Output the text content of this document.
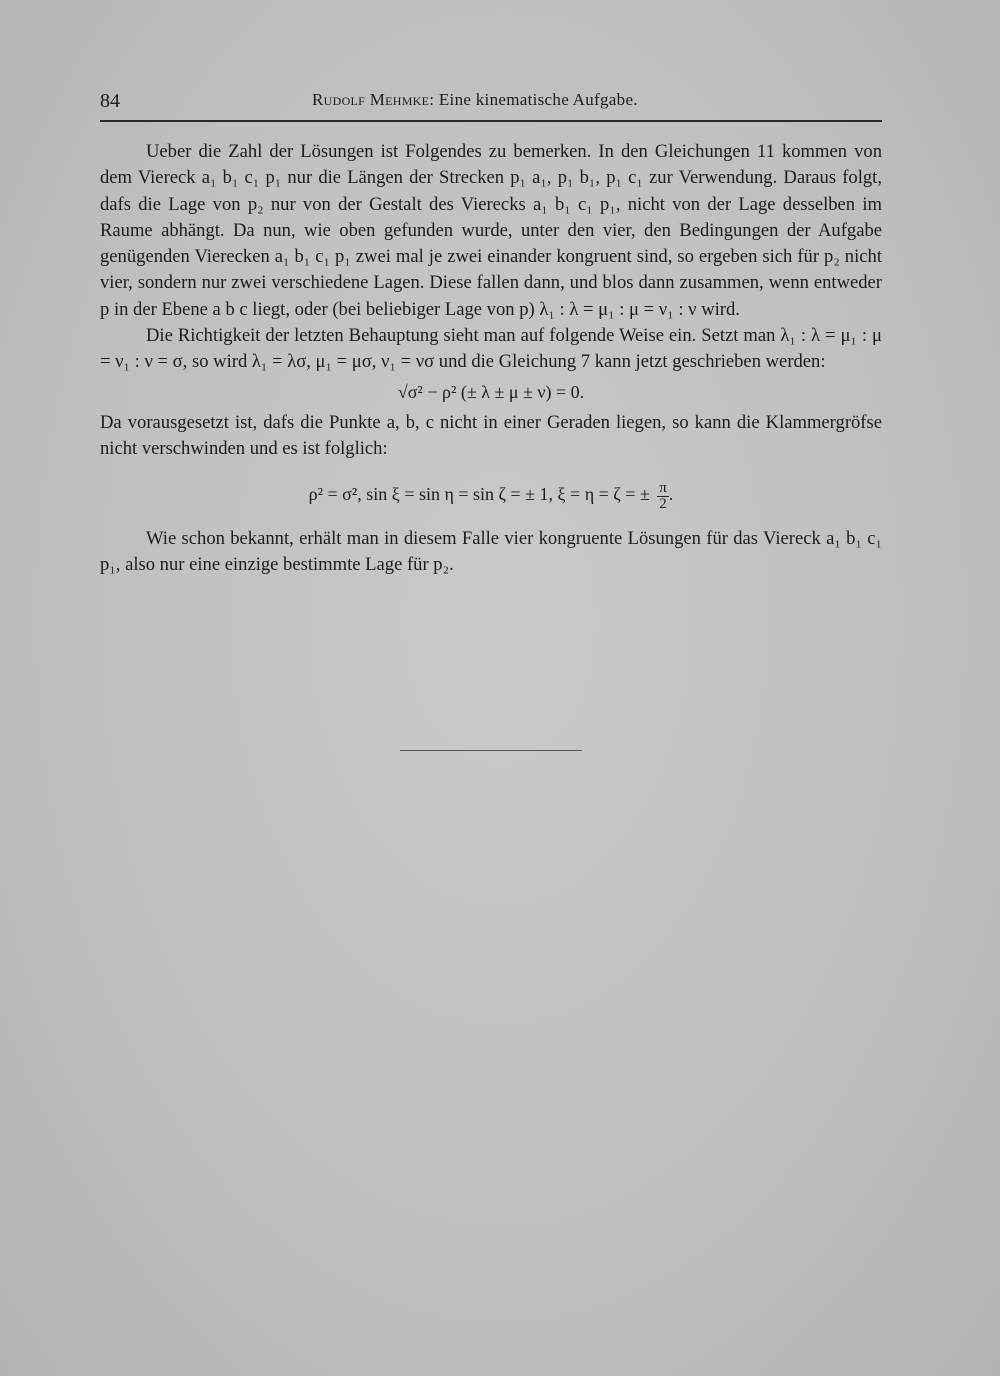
84	Rudolf Mehmke: Eine kinematische Aufgabe.

Ueber die Zahl der Lösungen ist Folgendes zu bemerken. In den Gleichungen 11 kommen von dem Viereck a₁ b₁ c₁ p₁ nur die Längen der Strecken p₁ a₁, p₁ b₁, p₁ c₁ zur Verwendung. Daraus folgt, dafs die Lage von p₂ nur von der Gestalt des Vierecks a₁ b₁ c₁ p₁, nicht von der Lage desselben im Raume abhängt. Da nun, wie oben gefunden wurde, unter den vier, den Bedingungen der Aufgabe genügenden Vierecken a₁ b₁ c₁ p₁ zwei mal je zwei einander kongruent sind, so ergeben sich für p₂ nicht vier, sondern nur zwei verschiedene Lagen. Diese fallen dann, und blos dann zusammen, wenn entweder p in der Ebene a b c liegt, oder (bei beliebiger Lage von p) λ₁ : λ = μ₁ : μ = ν₁ : ν wird.

Die Richtigkeit der letzten Behauptung sieht man auf folgende Weise ein. Setzt man λ₁ : λ = μ₁ : μ = ν₁ : ν = σ, so wird λ₁ = λσ, μ₁ = μσ, ν₁ = νσ und die Gleichung 7 kann jetzt geschrieben werden:

√σ² − ρ² (± λ ± μ ± ν) = 0.

Da vorausgesetzt ist, dafs die Punkte a, b, c nicht in einer Geraden liegen, so kann die Klammergröfse nicht verschwinden und es ist folglich:

ρ² = σ², sin ξ = sin η = sin ζ = ± 1, ξ = η = ζ = ± $\frac{\pi}{2}$ .

Wie schon bekannt, erhält man in diesem Falle vier kongruente Lösungen für das Viereck a₁ b₁ c₁ p₁, also nur eine einzige bestimmte Lage für p₂.
